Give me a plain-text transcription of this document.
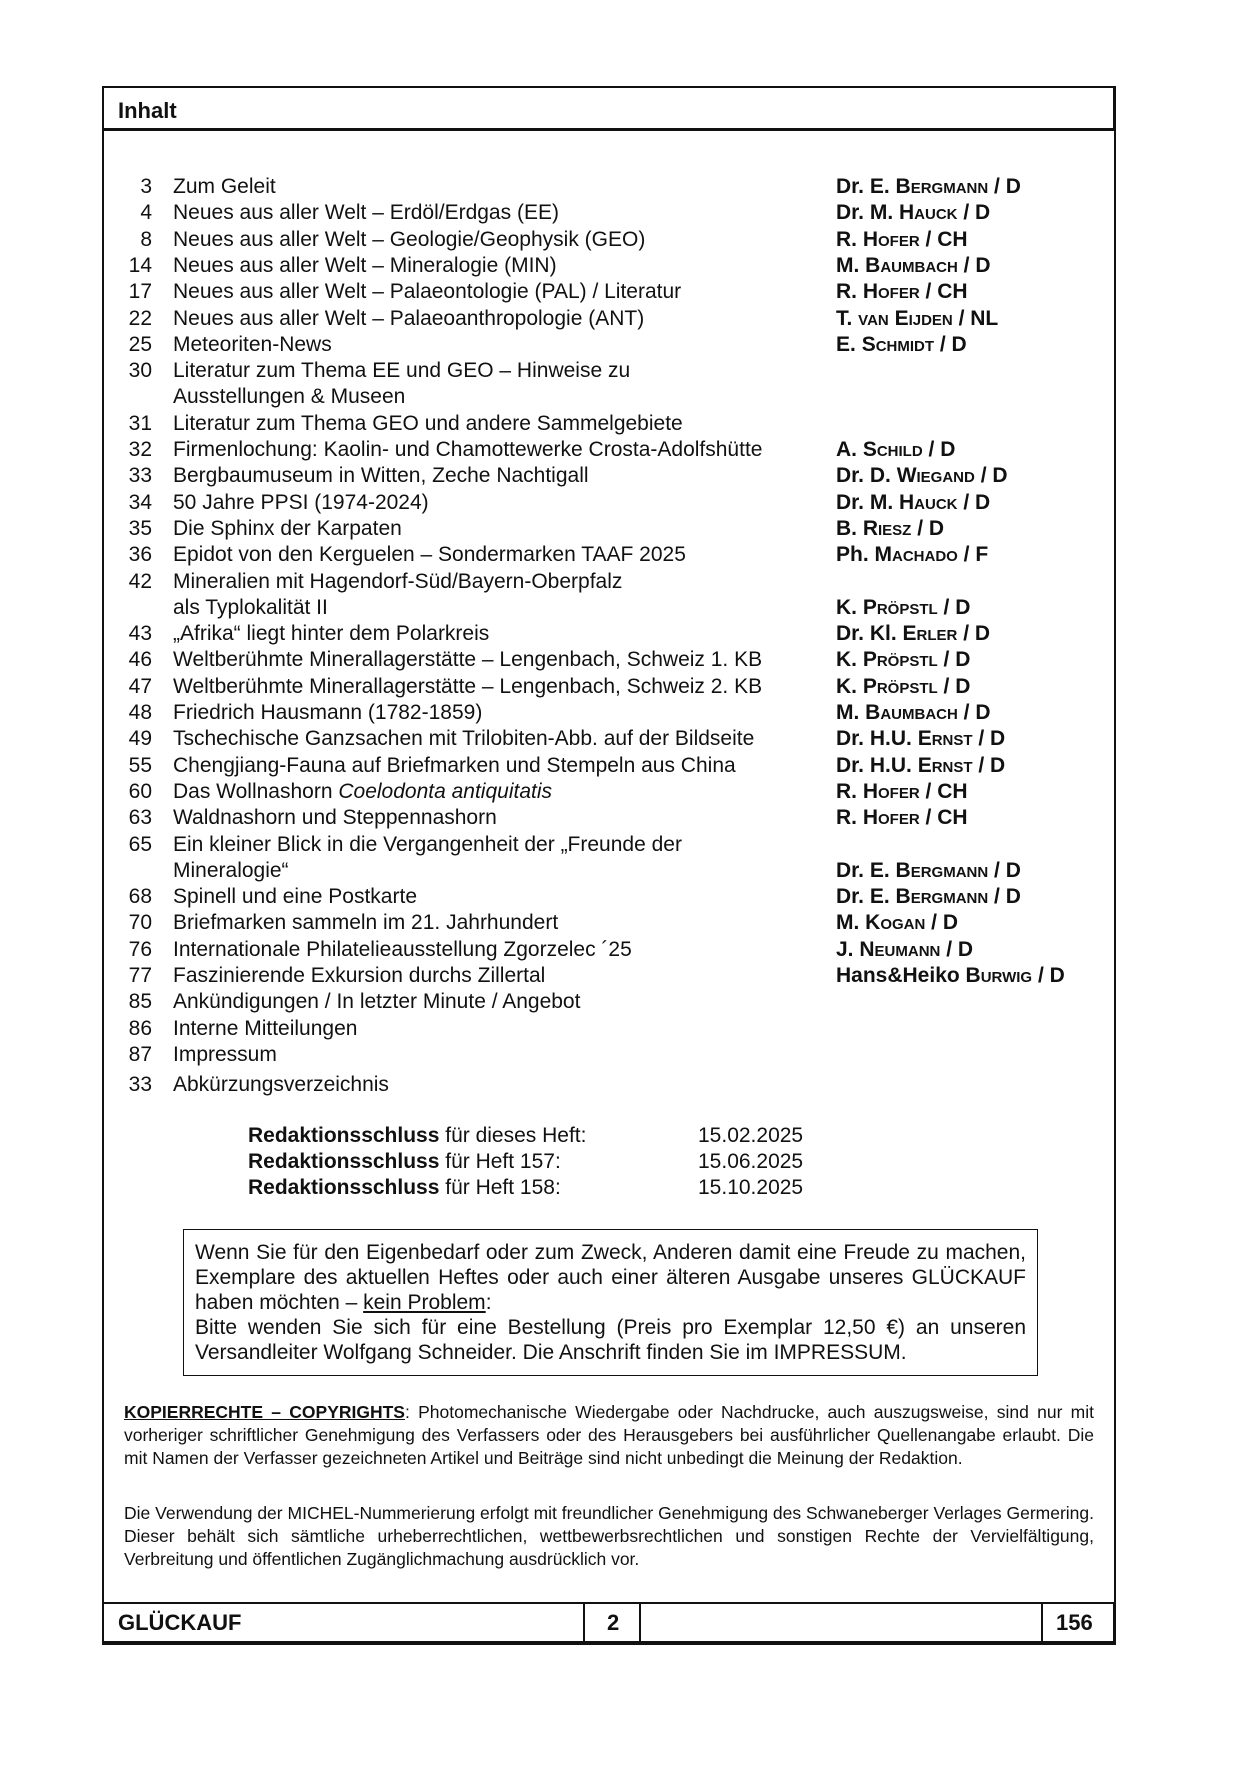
Inhalt
3 Zum Geleit	Dr. E. Bergmann / D
4 Neues aus aller Welt – Erdöl/Erdgas (EE)	Dr. M. Hauck / D
8 Neues aus aller Welt – Geologie/Geophysik (GEO)	R. Hofer / CH
14 Neues aus aller Welt – Mineralogie (MIN)	M. Baumbach / D
17 Neues aus aller Welt – Palaeontologie (PAL) / Literatur	R. Hofer / CH
22 Neues aus aller Welt – Palaeoanthropologie (ANT)	T. van Eijden / NL
25 Meteoriten-News	E. Schmidt / D
30 Literatur zum Thema EE und GEO – Hinweise zu
Ausstellungen & Museen
31 Literatur zum Thema GEO und andere Sammelgebiete
32 Firmenlochung: Kaolin- und Chamottewerke Crosta-Adolfshütte	A. Schild / D
33 Bergbaumuseum in Witten, Zeche Nachtigall	Dr. D. Wiegand / D
34 50 Jahre PPSI (1974-2024)	Dr. M. Hauck / D
35 Die Sphinx der Karpaten	B. Riesz / D
36 Epidot von den Kerguelen – Sondermarken TAAF 2025	Ph. Machado / F
42 Mineralien mit Hagendorf-Süd/Bayern-Oberpfalz
als Typlokalität II	K. Pröpstl / D
43 „Afrika“ liegt hinter dem Polarkreis	Dr. Kl. Erler / D
46 Weltberühmte Minerallagerstätte – Lengenbach, Schweiz 1. KB	K. Pröpstl / D
47 Weltberühmte Minerallagerstätte – Lengenbach, Schweiz 2. KB	K. Pröpstl / D
48 Friedrich Hausmann (1782-1859)	M. Baumbach / D
49 Tschechische Ganzsachen mit Trilobiten-Abb. auf der Bildseite	Dr. H.U. Ernst / D
55 Chengjiang-Fauna auf Briefmarken und Stempeln aus China	Dr. H.U. Ernst / D
60 Das Wollnashorn Coelodonta antiquitatis	R. Hofer / CH
63 Waldnashorn und Steppennashorn	R. Hofer / CH
65 Ein kleiner Blick in die Vergangenheit der „Freunde der
Mineralogie“	Dr. E. Bergmann / D
68 Spinell und eine Postkarte	Dr. E. Bergmann / D
70 Briefmarken sammeln im 21. Jahrhundert	M. Kogan / D
76 Internationale Philatelieausstellung Zgorzelec ´25	J. Neumann / D
77 Faszinierende Exkursion durchs Zillertal	Hans&Heiko Burwig / D
85 Ankündigungen / In letzter Minute / Angebot
86 Interne Mitteilungen
87 Impressum
33 Abkürzungsverzeichnis
Redaktionsschluss für dieses Heft:	15.02.2025
Redaktionsschluss für Heft 157:	15.06.2025
Redaktionsschluss für Heft 158:	15.10.2025
Wenn Sie für den Eigenbedarf oder zum Zweck, Anderen damit eine Freude zu machen, Exemplare des aktuellen Heftes oder auch einer älteren Ausgabe unseres GLÜCKAUF haben möchten – kein Problem:
Bitte wenden Sie sich für eine Bestellung (Preis pro Exemplar 12,50 €) an unseren Versandleiter Wolfgang Schneider. Die Anschrift finden Sie im IMPRESSUM.
KOPIERRECHTE – COPYRIGHTS: Photomechanische Wiedergabe oder Nachdrucke, auch auszugsweise, sind nur mit vorheriger schriftlicher Genehmigung des Verfassers oder des Herausgebers bei ausführlicher Quellenangabe erlaubt. Die mit Namen der Verfasser gezeichneten Artikel und Beiträge sind nicht unbedingt die Meinung der Redaktion.
Die Verwendung der MICHEL-Nummerierung erfolgt mit freundlicher Genehmigung des Schwaneberger Verlages Germering. Dieser behält sich sämtliche urheberrechtlichen, wettbewerbsrechtlichen und sonstigen Rechte der Vervielfältigung, Verbreitung und öffentlichen Zugänglichmachung ausdrücklich vor.
GLÜCKAUF	2	156
